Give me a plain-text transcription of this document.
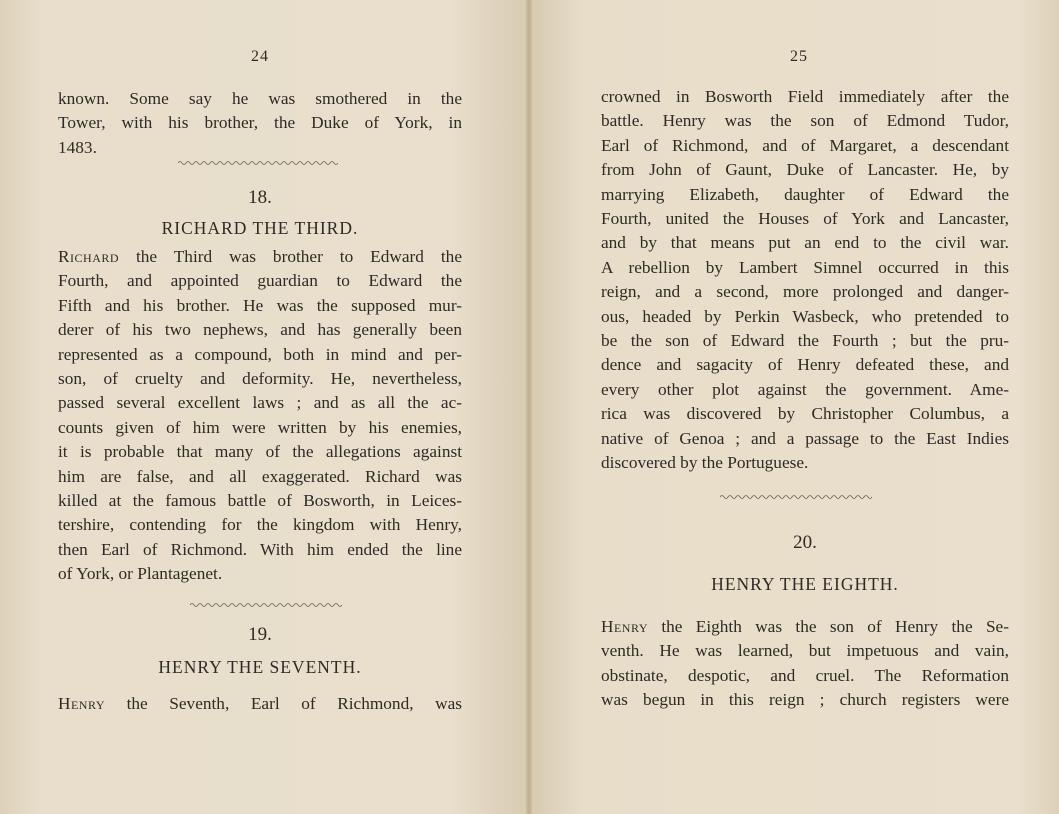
24
known. Some say he was smothered in the
Tower, with his brother, the Duke of York, in
1483.
18.
RICHARD THE THIRD.
Richard the Third was brother to Edward the
Fourth, and appointed guardian to Edward the
Fifth and his brother. He was the supposed mur-
derer of his two nephews, and has generally been
represented as a compound, both in mind and per-
son, of cruelty and deformity. He, nevertheless,
passed several excellent laws ; and as all the ac-
counts given of him were written by his enemies,
it is probable that many of the allegations against
him are false, and all exaggerated. Richard was
killed at the famous battle of Bosworth, in Leices-
tershire, contending for the kingdom with Henry,
then Earl of Richmond. With him ended the line
of York, or Plantagenet.
19.
HENRY THE SEVENTH.
Henry the Seventh, Earl of Richmond, was
25
crowned in Bosworth Field immediately after the
battle. Henry was the son of Edmond Tudor,
Earl of Richmond, and of Margaret, a descendant
from John of Gaunt, Duke of Lancaster. He, by
marrying Elizabeth, daughter of Edward the
Fourth, united the Houses of York and Lancaster,
and by that means put an end to the civil war.
A rebellion by Lambert Simnel occurred in this
reign, and a second, more prolonged and danger-
ous, headed by Perkin Wasbeck, who pretended to
be the son of Edward the Fourth ; but the pru-
dence and sagacity of Henry defeated these, and
every other plot against the government. Ame-
rica was discovered by Christopher Columbus, a
native of Genoa ; and a passage to the East Indies
discovered by the Portuguese.
20.
HENRY THE EIGHTH.
Henry the Eighth was the son of Henry the Se-
venth. He was learned, but impetuous and vain,
obstinate, despotic, and cruel. The Reformation
was begun in this reign ; church registers were
